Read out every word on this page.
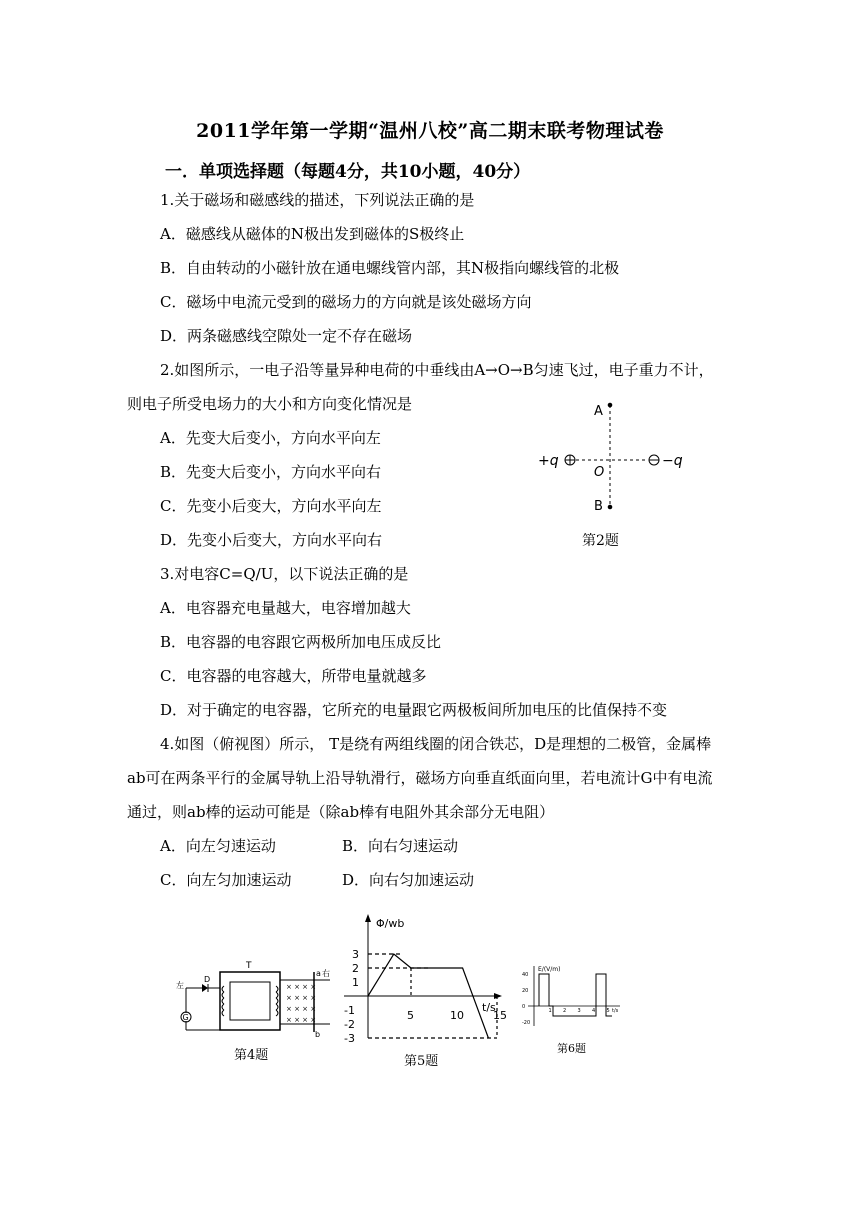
2011学年第一学期“温州八校”高二期末联考物理试卷
一．单项选择题（每题4分，共10小题，40分）
1.关于磁场和磁感线的描述，下列说法正确的是
A．磁感线从磁体的N极出发到磁体的S极终止
B．自由转动的小磁针放在通电螺线管内部，其N极指向螺线管的北极
C．磁场中电流元受到的磁场力的方向就是该处磁场方向
D．两条磁感线空隙处一定不存在磁场
2.如图所示，一电子沿等量异种电荷的中垂线由A→O→B匀速飞过，电子重力不计，
则电子所受电场力的大小和方向变化情况是
A．先变大后变小，方向水平向左
B．先变大后变小，方向水平向右
C．先变小后变大，方向水平向左
D．先变小后变大，方向水平向右
A
B
O
+q	−q
第2题
3.对电容C=Q/U，以下说法正确的是
A．电容器充电量越大，电容增加越大
B．电容器的电容跟它两极所加电压成反比
C．电容器的电容越大，所带电量就越多
D．对于确定的电容器，它所充的电量跟它两极板间所加电压的比值保持不变
4.如图（俯视图）所示， T是绕有两组线圈的闭合铁芯，D是理想的二极管，金属棒
ab可在两条平行的金属导轨上沿导轨滑行，磁场方向垂直纸面向里，若电流计G中有电流
通过，则ab棒的运动可能是（除ab棒有电阻外其余部分无电阻）
A．向左匀速运动	B．向右匀速运动
C．向左匀加速运动	D．向右匀加速运动
T
D
G
左
a
b
右
× × × ×
× × × ×
× × × ×
× × × ×
第4题
Φ/wb
t/s
3
2
1
-1
-2
-3
5	10	15
第5题
E/(V/m)
t/s
40
20
0
-20
1 2 3 4 5
第6题
